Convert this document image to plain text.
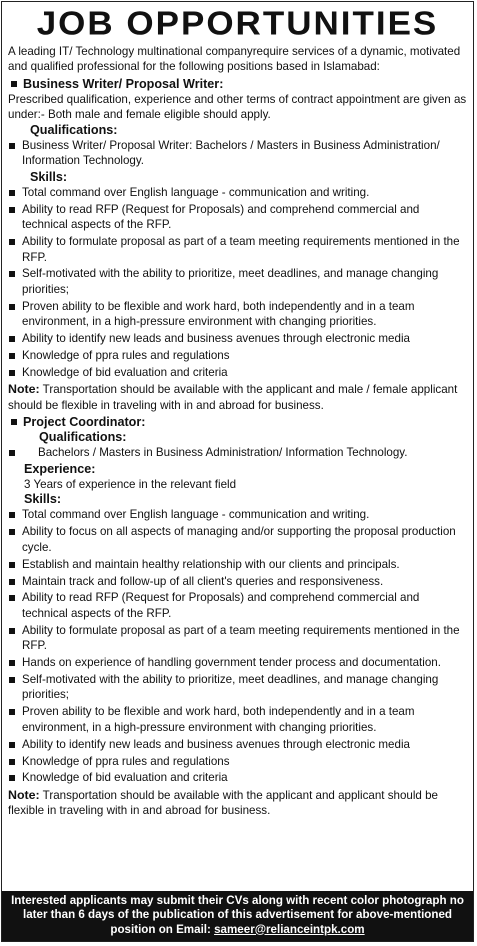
JOB OPPORTUNITIES

A leading IT/ Technology multinational companyrequire services of a dynamic, motivated and qualified professional for the following positions based in Islamabad:

Business Writer/ Proposal Writer:

Prescribed qualification, experience and other terms of contract appointment are given as under:- Both male and female eligible should apply.

Qualifications:
Business Writer/ Proposal Writer: Bachelors / Masters in Business Administration/ Information Technology.
Skills:
Total command over English language - communication and writing.
Ability to read RFP (Request for Proposals) and comprehend commercial and technical aspects of the RFP.
Ability to formulate proposal as part of a team meeting requirements mentioned in the RFP.
Self-motivated with the ability to prioritize, meet deadlines, and manage changing priorities;
Proven ability to be flexible and work hard, both independently and in a team environment, in a high-pressure environment with changing priorities.
Ability to identify new leads and business avenues through electronic media
Knowledge of ppra rules and regulations
Knowledge of bid evaluation and criteria

Note: Transportation should be available with the applicant and male / female applicant should be flexible in traveling with in and abroad for business.

Project Coordinator:
Qualifications:
Bachelors / Masters in Business Administration/ Information Technology.
Experience:

3 Years of experience in the relevant field

Skills:
Total command over English language - communication and writing.
Ability to focus on all aspects of managing and/or supporting the proposal production cycle.
Establish and maintain healthy relationship with our clients and principals.
Maintain track and follow-up of all client's queries and responsiveness.
Ability to read RFP (Request for Proposals) and comprehend commercial and technical aspects of the RFP.
Ability to formulate proposal as part of a team meeting requirements mentioned in the RFP.
Hands on experience of handling government tender process and documentation.
Self-motivated with the ability to prioritize, meet deadlines, and manage changing priorities;
Proven ability to be flexible and work hard, both independently and in a team environment, in a high-pressure environment with changing priorities.
Ability to identify new leads and business avenues through electronic media
Knowledge of ppra rules and regulations
Knowledge of bid evaluation and criteria

Note: Transportation should be available with the applicant and applicant should be flexible in traveling with in and abroad for business.

Interested applicants may submit their CVs along with recent color photograph no later than 6 days of the publication of this advertisement for above-mentioned position on Email: sameer@relianceintpk.com
